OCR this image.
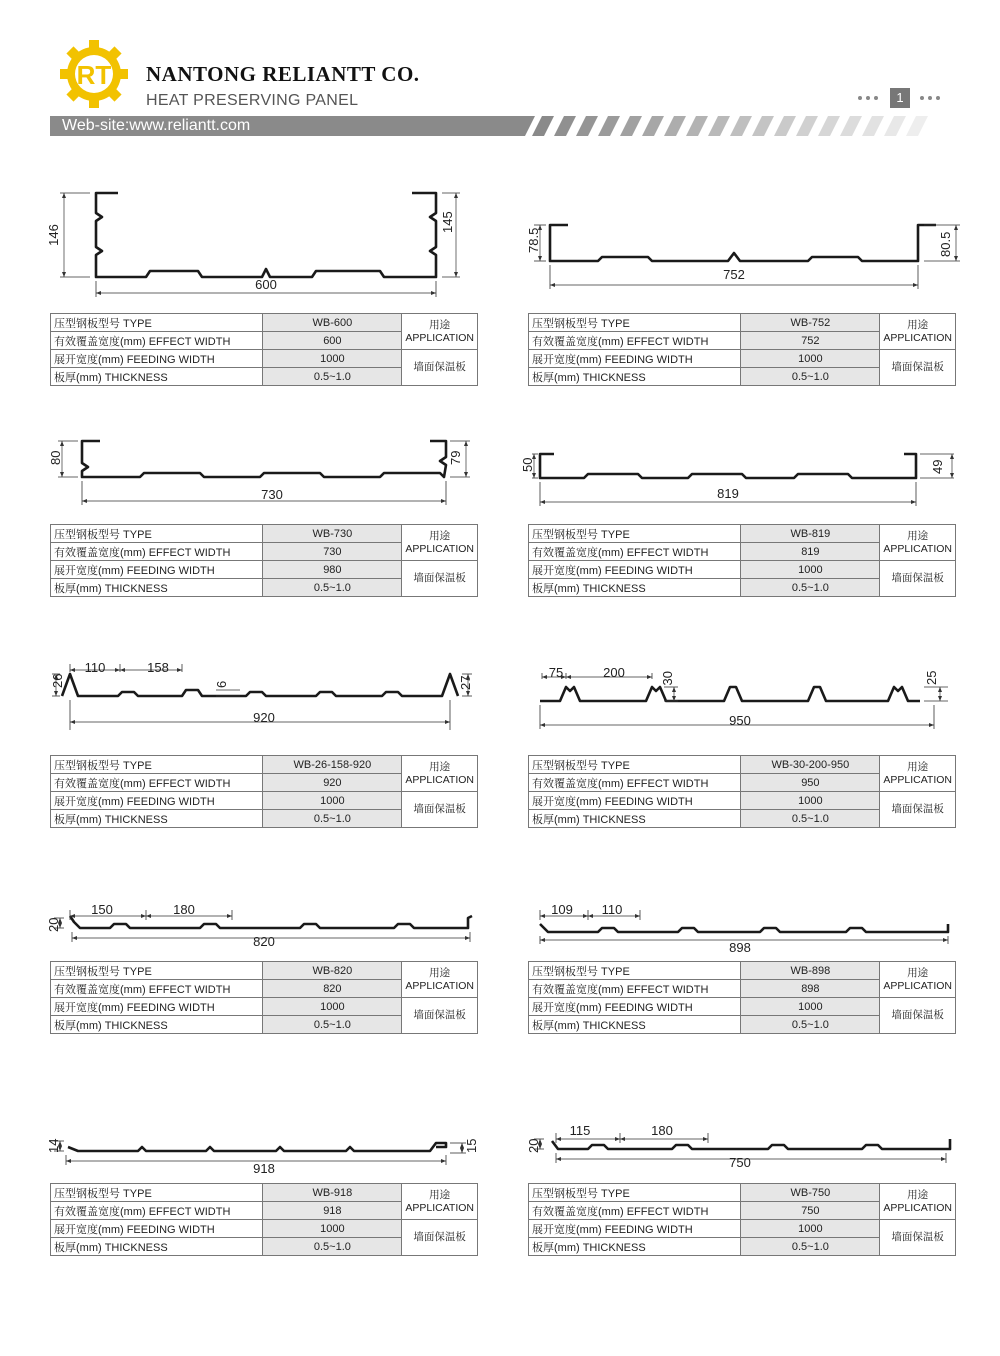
RT NANTONG RELIANTT CO.
HEAT PRESERVING PANEL	1
Web-site:www.reliantt.com
146
145
600
压型钢板型号 TYPE	WB-600	用途
APPLICATION
有效覆盖宽度(mm) EFFECT WIDTH	600	
展开宽度(mm) FEEDING WIDTH	1000	墙面保温板
板厚(mm) THICKNESS	0.5~1.0	
78.5	80.5
752
压型钢板型号 TYPE	WB-752	用途
APPLICATION
有效覆盖宽度(mm) EFFECT WIDTH	752	
展开宽度(mm) FEEDING WIDTH	1000	墙面保温板
板厚(mm) THICKNESS	0.5~1.0	
80	79
730
压型钢板型号 TYPE	WB-730	用途
APPLICATION
有效覆盖宽度(mm) EFFECT WIDTH	730	
展开宽度(mm) FEEDING WIDTH	980	墙面保温板
板厚(mm) THICKNESS	0.5~1.0	
50	49
819
压型钢板型号 TYPE	WB-819	用途
APPLICATION
有效覆盖宽度(mm) EFFECT WIDTH	819	
展开宽度(mm) FEEDING WIDTH	1000	墙面保温板
板厚(mm) THICKNESS	0.5~1.0	
26	27
110	158
6
920
压型钢板型号 TYPE	WB-26-158-920	用途
APPLICATION
有效覆盖宽度(mm) EFFECT WIDTH	920	
展开宽度(mm) FEEDING WIDTH	1000	墙面保温板
板厚(mm) THICKNESS	0.5~1.0	
75	200	30	25
950
压型钢板型号 TYPE	WB-30-200-950	用途
APPLICATION
有效覆盖宽度(mm) EFFECT WIDTH	950	
展开宽度(mm) FEEDING WIDTH	1000	墙面保温板
板厚(mm) THICKNESS	0.5~1.0	
20
150	180
820
压型钢板型号 TYPE	WB-820	用途
APPLICATION
有效覆盖宽度(mm) EFFECT WIDTH	820	
展开宽度(mm) FEEDING WIDTH	1000	墙面保温板
板厚(mm) THICKNESS	0.5~1.0	
109 110
898
压型钢板型号 TYPE	WB-898	用途
APPLICATION
有效覆盖宽度(mm) EFFECT WIDTH	898	
展开宽度(mm) FEEDING WIDTH	1000	墙面保温板
板厚(mm) THICKNESS	0.5~1.0	
14	15
918
压型钢板型号 TYPE	WB-918	用途
APPLICATION
有效覆盖宽度(mm) EFFECT WIDTH	918	
展开宽度(mm) FEEDING WIDTH	1000	墙面保温板
板厚(mm) THICKNESS	0.5~1.0	
20
115	180
750
压型钢板型号 TYPE	WB-750	用途
APPLICATION
有效覆盖宽度(mm) EFFECT WIDTH	750	
展开宽度(mm) FEEDING WIDTH	1000	墙面保温板
板厚(mm) THICKNESS	0.5~1.0	
